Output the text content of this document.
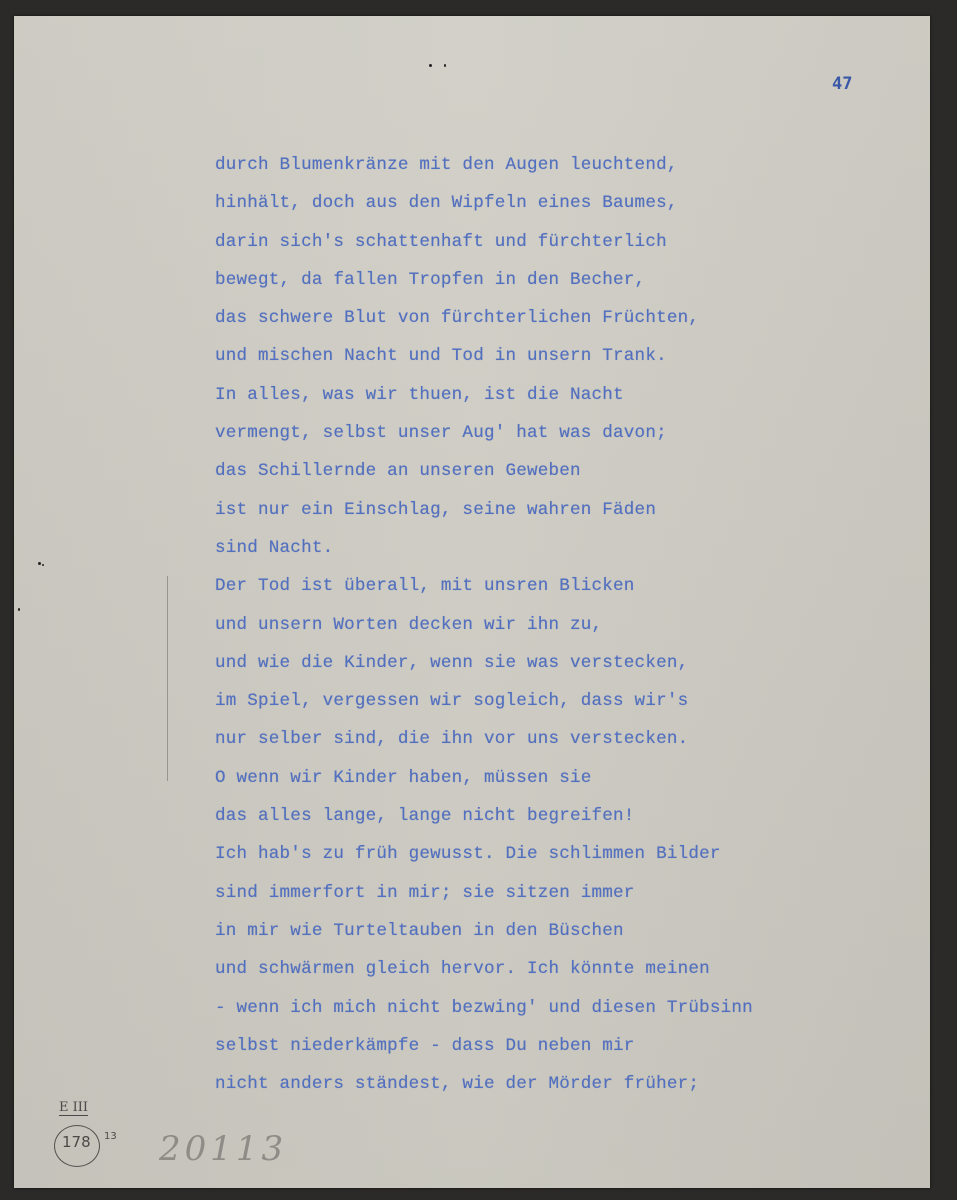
47

durch Blumenkränze mit den Augen leuchtend,
hinhält, doch aus den Wipfeln eines Baumes,
darin sich's schattenhaft und fürchterlich
bewegt, da fallen Tropfen in den Becher,
das schwere Blut von fürchterlichen Früchten,
und mischen Nacht und Tod in unsern Trank.
In alles, was wir thuen, ist die Nacht
vermengt, selbst unser Aug' hat was davon;
das Schillernde an unseren Geweben
ist nur ein Einschlag, seine wahren Fäden
sind Nacht.
Der Tod ist überall, mit unsren Blicken
und unsern Worten decken wir ihn zu,
und wie die Kinder, wenn sie was verstecken,
im Spiel, vergessen wir sogleich, dass wir's
nur selber sind, die ihn vor uns verstecken.
O wenn wir Kinder haben, müssen sie
das alles lange, lange nicht begreifen!
Ich hab's zu früh gewusst. Die schlimmen Bilder
sind immerfort in mir; sie sitzen immer
in mir wie Turteltauben in den Büschen
und schwärmen gleich hervor. Ich könnte meinen
- wenn ich mich nicht bezwing' und diesen Trübsinn
selbst niederkämpfe - dass Du neben mir
nicht anders ständest, wie der Mörder früher;

E III

178 13 20113
